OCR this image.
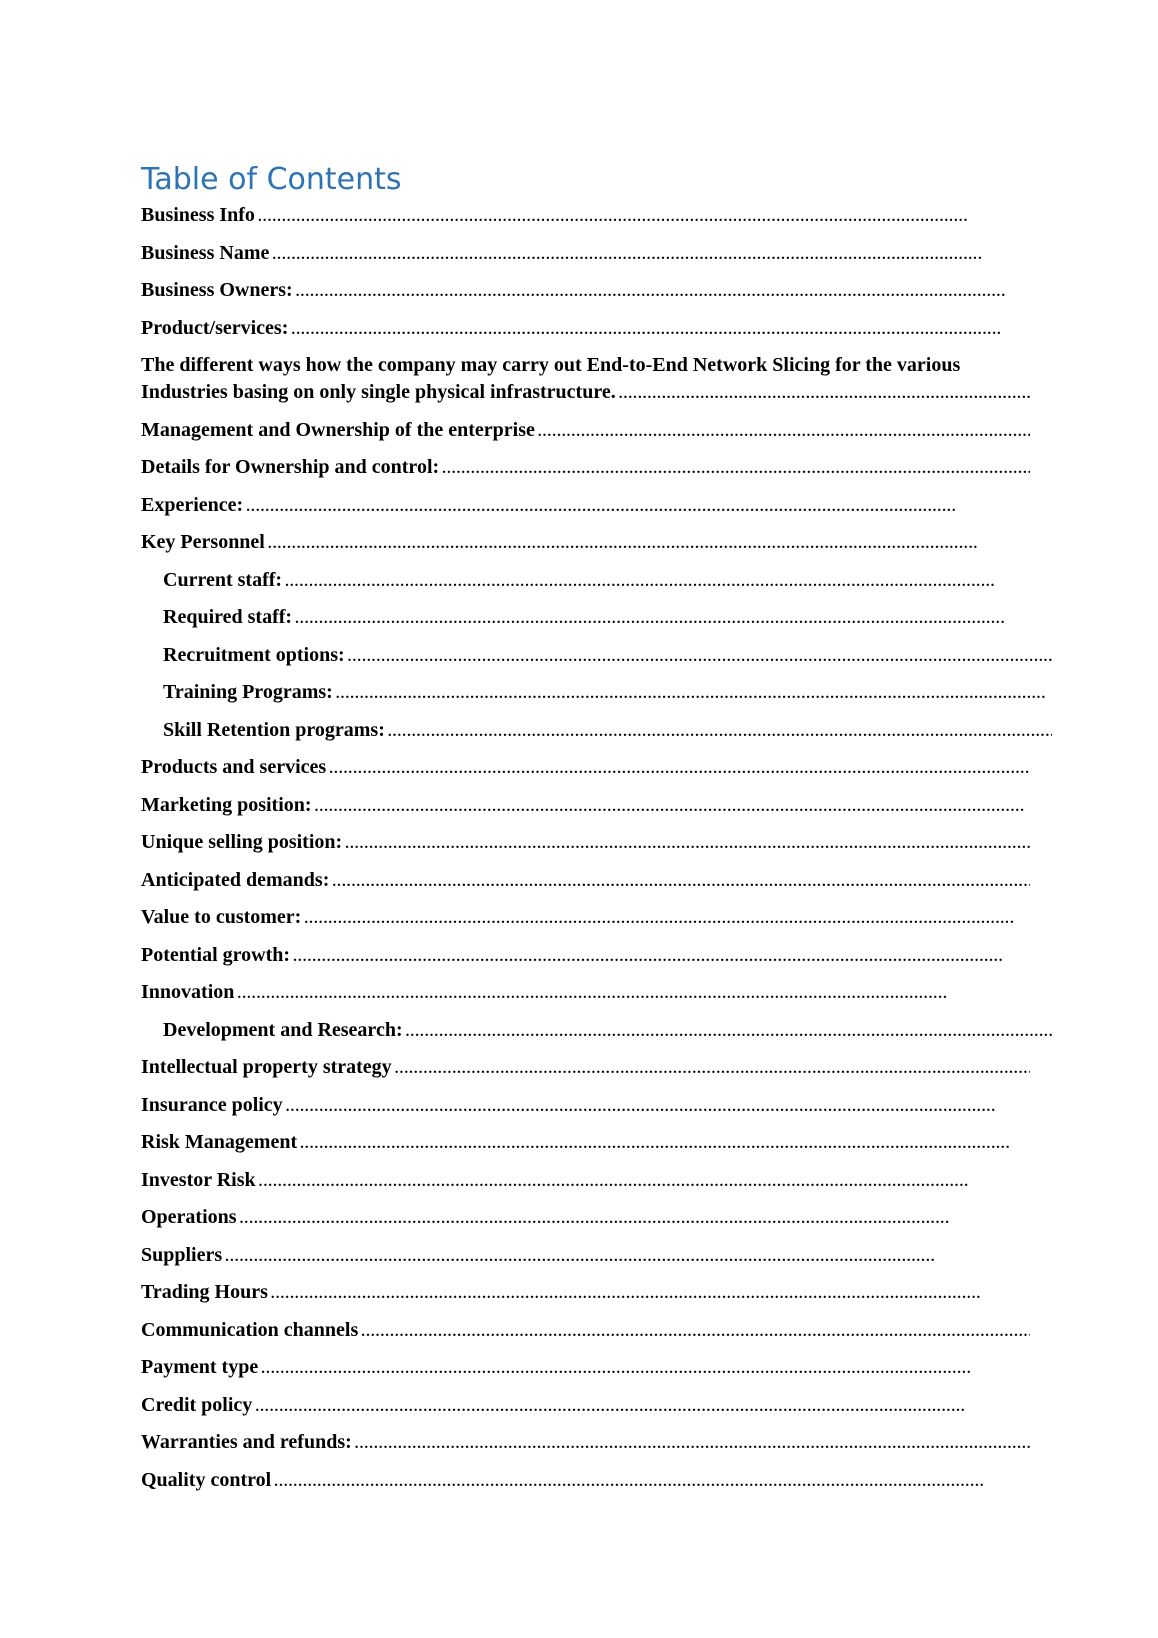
Table of Contents
Business Info . . .
Business Name . . .
Business Owners: . . .
Product/services: . . .
The different ways how the company may carry out End-to-End Network Slicing for the various
Industries basing on only single physical infrastructure. . . .
Management and Ownership of the enterprise . . .
Details for Ownership and control: . . .
Experience: . . .
Key Personnel . . .
Current staff: . . .
Required staff: . . .
Recruitment options: . . .
Training Programs: . . .
Skill Retention programs: . . .
Products and services . . .
Marketing position: . . .
Unique selling position: . . .
Anticipated demands: . . .
Value to customer: . . .
Potential growth: . . .
Innovation . . .
Development and Research: . . .
Intellectual property strategy . . .
Insurance policy . . .
Risk Management . . .
Investor Risk . . .
Operations . . .
Suppliers . . .
Trading Hours . . .
Communication channels . . .
Payment type . . .
Credit policy . . .
Warranties and refunds: . . .
Quality control . . .
